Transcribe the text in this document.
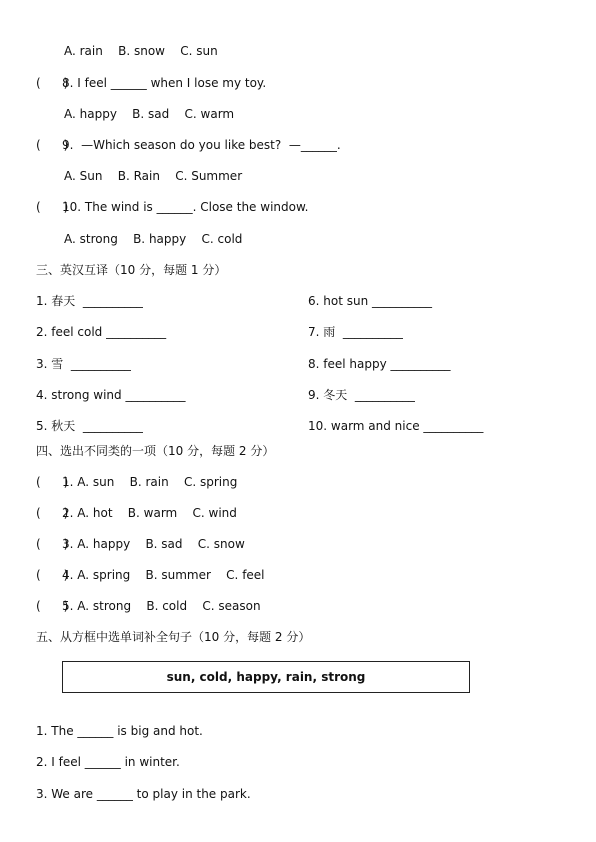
A. rain    B. snow    C. sun
(      )
8. I feel ______ when I lose my toy.
A. happy    B. sad    C. warm
(      )
9.  —Which season do you like best?  —______.
A. Sun    B. Rain    C. Summer
(      )
10. The wind is ______. Close the window.
A. strong    B. happy    C. cold
三、英汉互译（10 分，每题 1 分）
1. 春天  __________	6. hot sun __________
2. feel cold __________	7. 雨  __________
3. 雪  __________	8. feel happy __________
4. strong wind __________	9. 冬天  __________
5. 秋天  __________	10. warm and nice __________
四、选出不同类的一项（10 分，每题 2 分）
(      )
1. A. sun    B. rain    C. spring
(      )
2. A. hot    B. warm    C. wind
(      )
3. A. happy    B. sad    C. snow
(      )
4. A. spring    B. summer    C. feel
(      )
5. A. strong    B. cold    C. season
五、从方框中选单词补全句子（10 分，每题 2 分）
sun, cold, happy, rain, strong
1. The ______ is big and hot.
2. I feel ______ in winter.
3. We are ______ to play in the park.
